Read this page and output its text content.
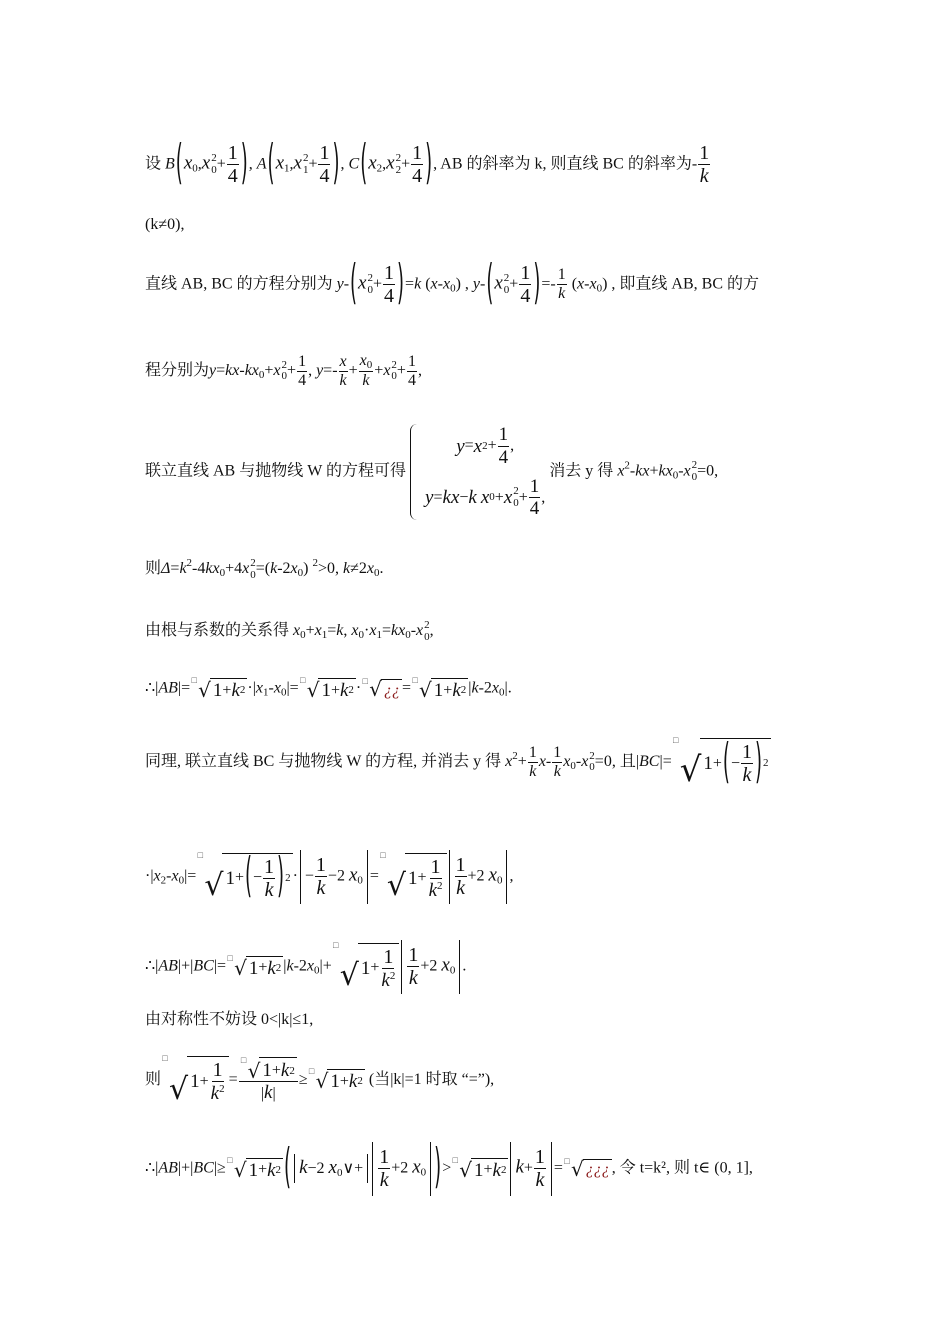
设 $B(x_0,x$ 2
$0 + \frac{1}{4}$ ), $A(x_1,x$ 2
$1 + \frac{1}{4}$ ), $C(x_2,x$ 2
$2 + \frac{1}{4}$ ), AB 的斜率为 k, 则直线 BC 的斜率为- $\frac{1}{k}$
(k≠0),
直线 AB, BC 的方程分别为 y-(x 2
$0 + \frac{1}{4} )=k$ $(x-x_0)$ , y-(x 2
$0 + \frac{1}{4}$ )=- $\frac{1}{k} (x-x_0)$ , 即直线 AB, BC 的方
程分别为$y=kx-kx_0+x$ 2
$0 + \frac{1}{4}$ , $y=- \frac{x}{k} + \frac{x_0}{k} +x$ 2
$0 + \frac{1}{4}$ ,
联立直线 AB 与抛物线 W 的方程可得
y = x $2 + \frac{1}{4}$ ,
y = kx − k
x 0 + x 2
$0 + \frac{1}{4}$ ,
消去 y 得 $x^2-kx+kx_0-x$ 2
0 =0,
则$\Delta=k^2-4kx_0+4x$ 2
$0 =(k-2x_0)$ $^2$>0, $k\ne 2x_0$.
由根与系数的关系得 $x_0+x_1=k$, $x_0\cdot x_1=kx_0-x$ 2
0 ,
∴|AB|= □ √ 1 + k $2 \cdot|x_1-x_0|=$ □ √ 1 + k 2 · □ √ ¿¿ = □ √ 1 + k 2 $|k-2x_0|$.
同理, 联立直线 BC 与抛物线 W 的方程, 并消去 y 得 $x^2+ \frac{1}{k} x- \frac{1}{k} x_0-x$ 2
0 =0, 且|BC|=
□
√ 1 + ( − $\frac{1}{k}$ ) 2
$\cdot|x_2-x_0|=$
□
√ 1 + ( − $\frac{1}{k}$ ) 2 · − $\frac{1}{k} -2$ $x_0$ =
□
√ $1 + \frac{1}{k^2} \frac{1}{k} +2$ $x_0$ ,
∴|AB|+|BC|= □ √ 1 + k 2 $|k-2x_0|+$
□
√ $1 + \frac{1}{k^2} \frac{1}{k} +2$ $x_0$ .
由对称性不妨设 0<|k|≤1,
则
□
√ $1 + \frac{1}{k^2} = \frac{□ √ 1 + k 2}{|k|}$ ≥ □ √ 1 + k 2 (当|k|=1 时取 “=”),
∴|AB|+|BC|≥ □ √ 1 + k 2 ( k−2 $x_0\vee+ \frac{1}{k} +2$ $x_0$ )> □ √ 1 + k 2 $k+ \frac{1}{k}$ = □ √ ¿¿¿ , 令 t=k², 则 t∈ (0, 1],
